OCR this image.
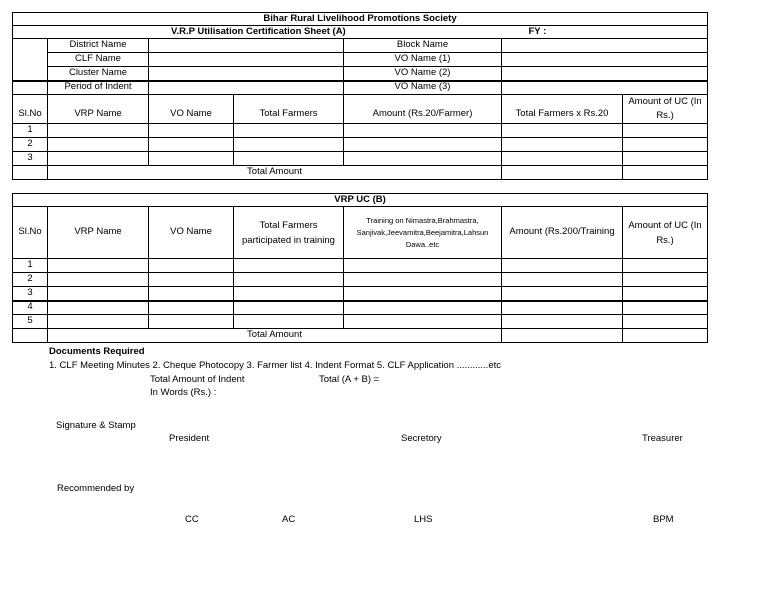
Bihar Rural Livelihood Promotions Society						
V.R.P Utilisation Certification Sheet (A)					FY :	
	District Name			Block Name		
	CLF Name			VO Name (1)		
	Cluster Name			VO Name (2)		
	Period of Indent			VO Name (3)		
Sl.No	VRP Name	VO Name	Total Farmers	Amount (Rs.20/Farmer)	Total Farmers x Rs.20	Amount of UC (In Rs.)
1						
2						
3						
	Total Amount					
VRP UC (B)						
Sl.No	VRP Name	VO Name	Total Farmers participated in training	Training on Nimastra,Brahmastra, Sanjivak,Jeevamitra,Beejamitra,Lahsun Dawa..etc	Amount (Rs.200/Training	Amount of UC (In Rs.)
1						
2						
3						
4						
5						
	Total Amount					
Documents Required
1. CLF Meeting Minutes 2. Cheque Photocopy 3. Farmer list 4. Indent Format 5. CLF Application ............etc
Total Amount of Indent	Total (A + B) =
In Words (Rs.) :
Signature & Stamp
President	Secretory	Treasurer
Recommended by
CC	AC	LHS	BPM
